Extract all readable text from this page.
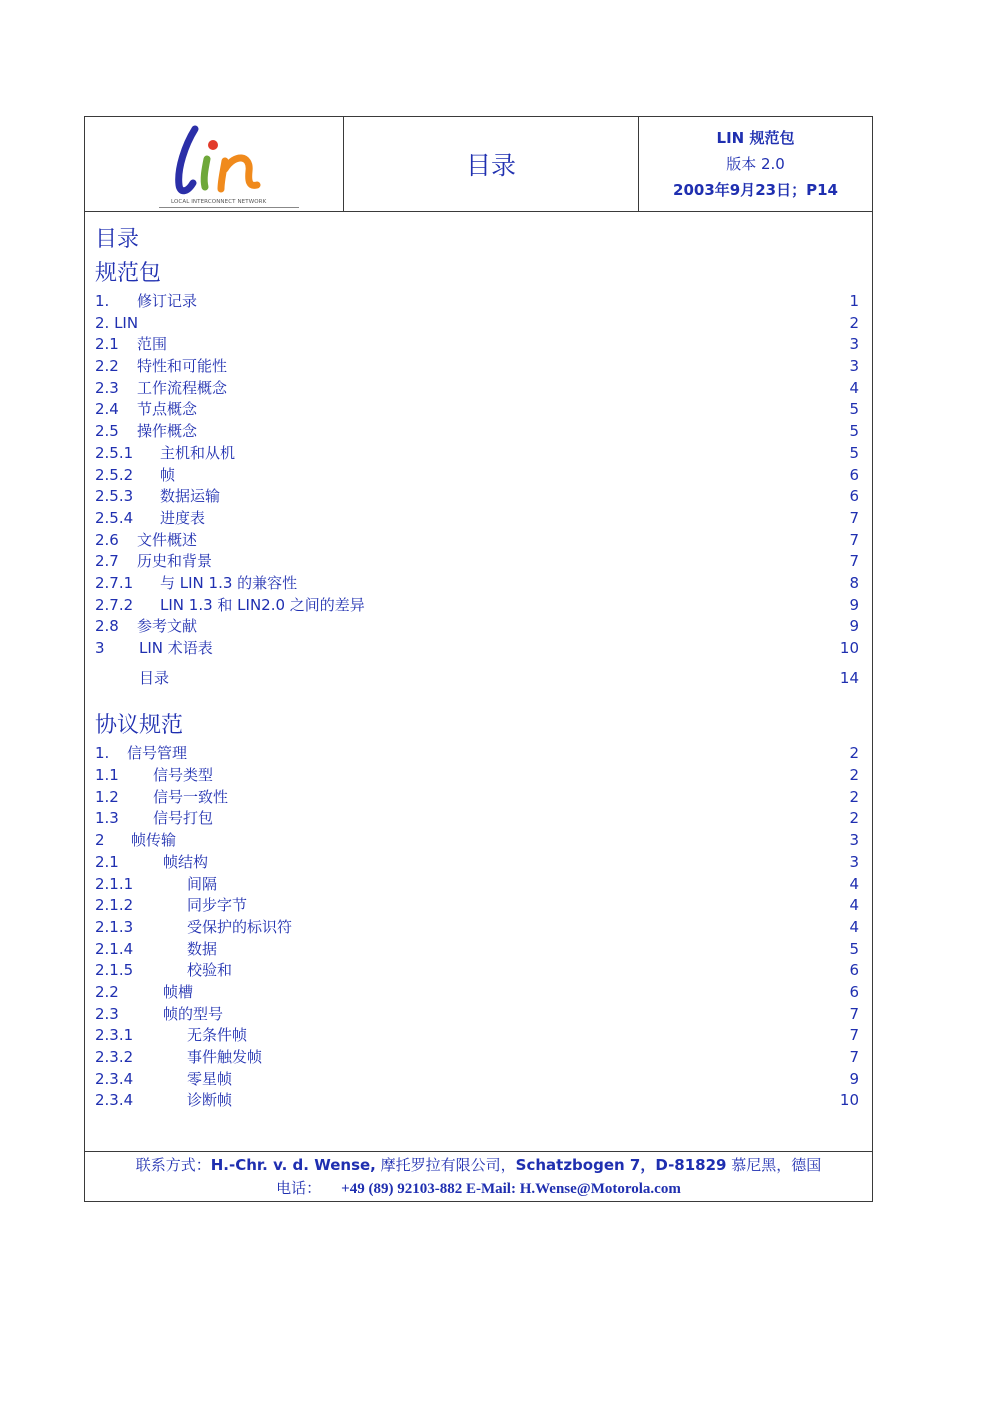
LOCAL INTERCONNECT NETWORK
目录
LIN 规范包
版本 2.0
2003年9月23日；P14
目录
规范包
1. 修订记录	1
2. LIN	2
2.1 范围	3
2.2 特性和可能性	3
2.3 工作流程概念	4
2.4 节点概念	5
2.5 操作概念	5
2.5.1 主机和从机	5
2.5.2 帧	6
2.5.3 数据运输	6
2.5.4 进度表	7
2.6 文件概述	7
2.7 历史和背景	7
2.7.1 与 LIN 1.3 的兼容性	8
2.7.2 LIN 1.3 和 LIN2.0 之间的差异	9
2.8 参考文献	9
3 LIN 术语表	10
目录	14
协议规范
1. 信号管理	2
1.1 信号类型	2
1.2 信号一致性	2
1.3 信号打包	2
2 帧传输	3
2.1	帧结构	3
2.1.1	间隔	4
2.1.2	同步字节	4
2.1.3	受保护的标识符	4
2.1.4	数据	5
2.1.5	校验和	6
2.2	帧槽	6
2.3	帧的型号	7
2.3.1	无条件帧	7
2.3.2	事件触发帧	7
2.3.4	零星帧	9
2.3.4	诊断帧	10
联系方式：H.-Chr. v. d. Wense, 摩托罗拉有限公司，Schatzbogen 7，D-81829 慕尼黑，德国
电话： +49 (89) 92103-882 E-Mail: H.Wense@Motorola.com
